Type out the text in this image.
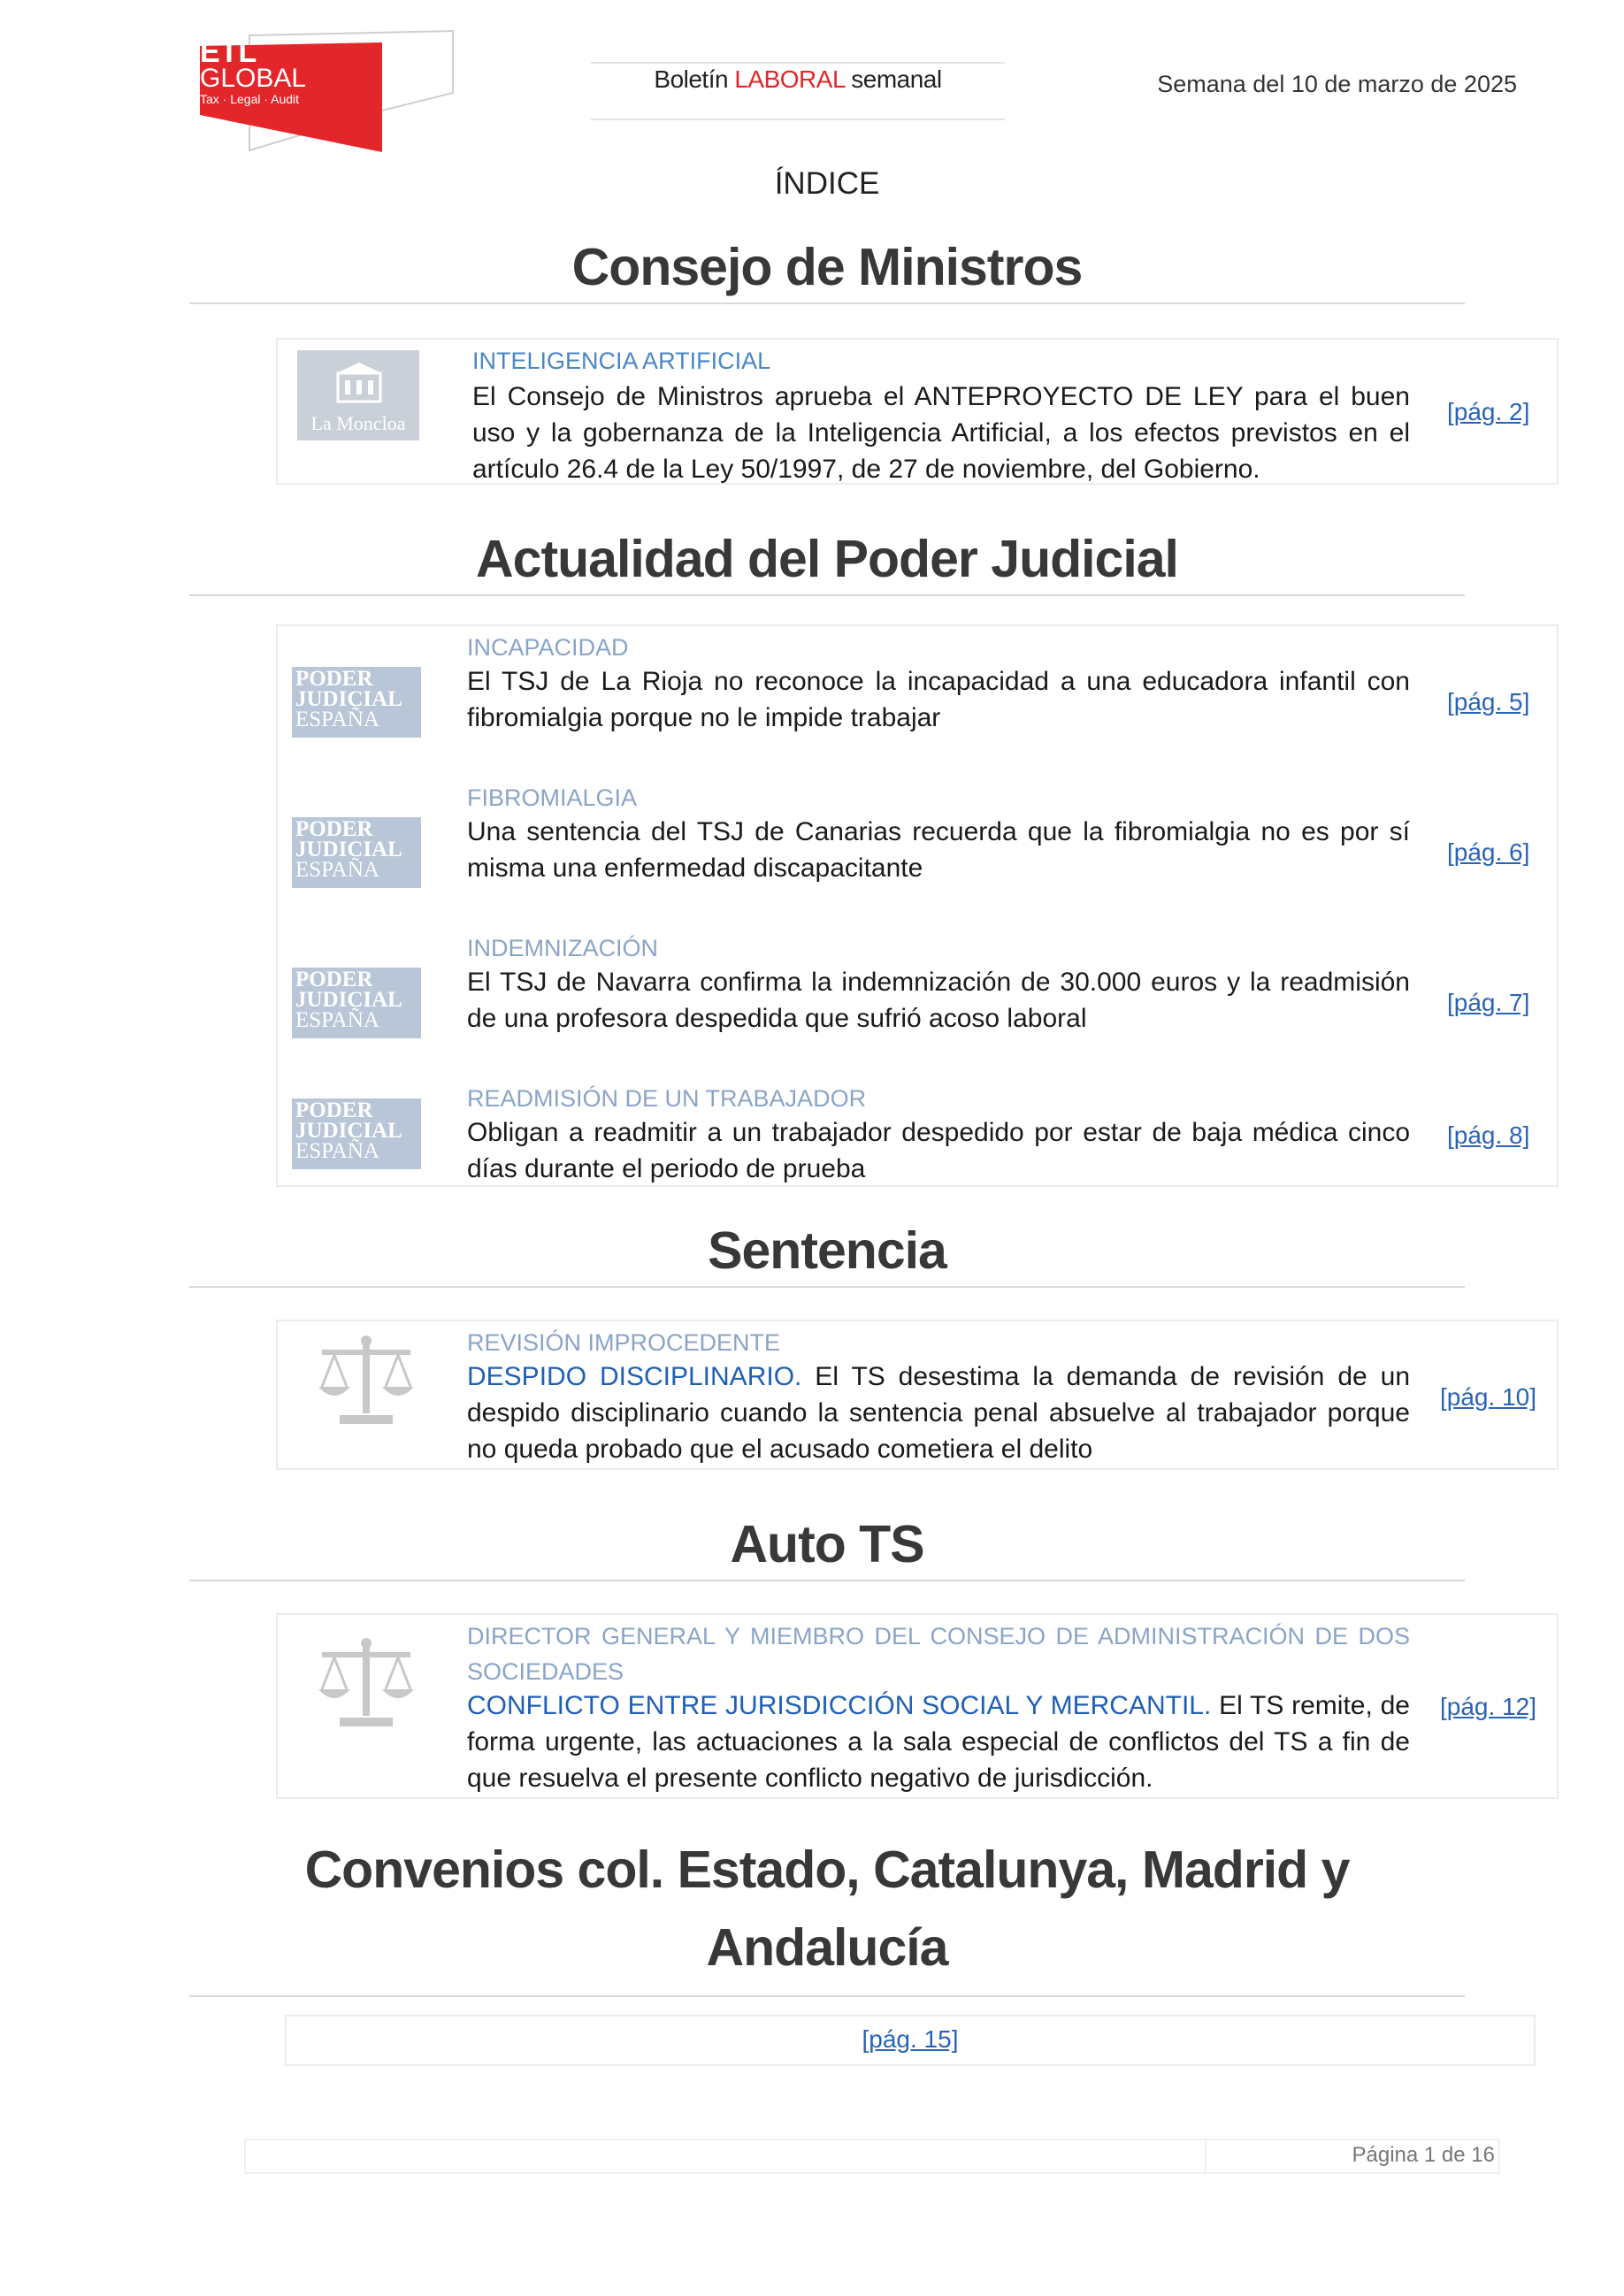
ETL
GLOBAL
Tax · Legal · Audit
Boletín LABORAL semanal	Semana del 10 de marzo de 2025
ÍNDICE
Consejo de Ministros
La Moncloa
INTELIGENCIA ARTIFICIAL
El Consejo de Ministros aprueba el ANTEPROYECTO DE LEY para el buen uso y la gobernanza de la Inteligencia Artificial, a los efectos previstos en el artículo 26.4 de la Ley 50/1997, de 27 de noviembre, del Gobierno.
[pág. 2]
Actualidad del Poder Judicial
PODER
JUDICIAL
ESPAÑA
INCAPACIDAD
El TSJ de La Rioja no reconoce la incapacidad a una educadora infantil con fibromialgia porque no le impide trabajar
[pág. 5]
PODER
JUDICIAL
ESPAÑA
FIBROMIALGIA
Una sentencia del TSJ de Canarias recuerda que la fibromialgia no es por sí misma una enfermedad discapacitante
[pág. 6]
PODER
JUDICIAL
ESPAÑA
INDEMNIZACIÓN
El TSJ de Navarra confirma la indemnización de 30.000 euros y la readmisión de una profesora despedida que sufrió acoso laboral
[pág. 7]
PODER
JUDICIAL
ESPAÑA
READMISIÓN DE UN TRABAJADOR
Obligan a readmitir a un trabajador despedido por estar de baja médica cinco días durante el periodo de prueba
[pág. 8]
Sentencia
REVISIÓN IMPROCEDENTE
DESPIDO DISCIPLINARIO. El TS desestima la demanda de revisión de un despido disciplinario cuando la sentencia penal absuelve al trabajador porque no queda probado que el acusado cometiera el delito
[pág. 10]
Auto TS
DIRECTOR GENERAL Y MIEMBRO DEL CONSEJO DE ADMINISTRACIÓN DE DOS SOCIEDADES
CONFLICTO ENTRE JURISDICCIÓN SOCIAL Y MERCANTIL. El TS remite, de forma urgente, las actuaciones a la sala especial de conflictos del TS a fin de que resuelva el presente conflicto negativo de jurisdicción.
[pág. 12]
Convenios col. Estado, Catalunya, Madrid y
Andalucía
[pág. 15]
Página 1 de 16
